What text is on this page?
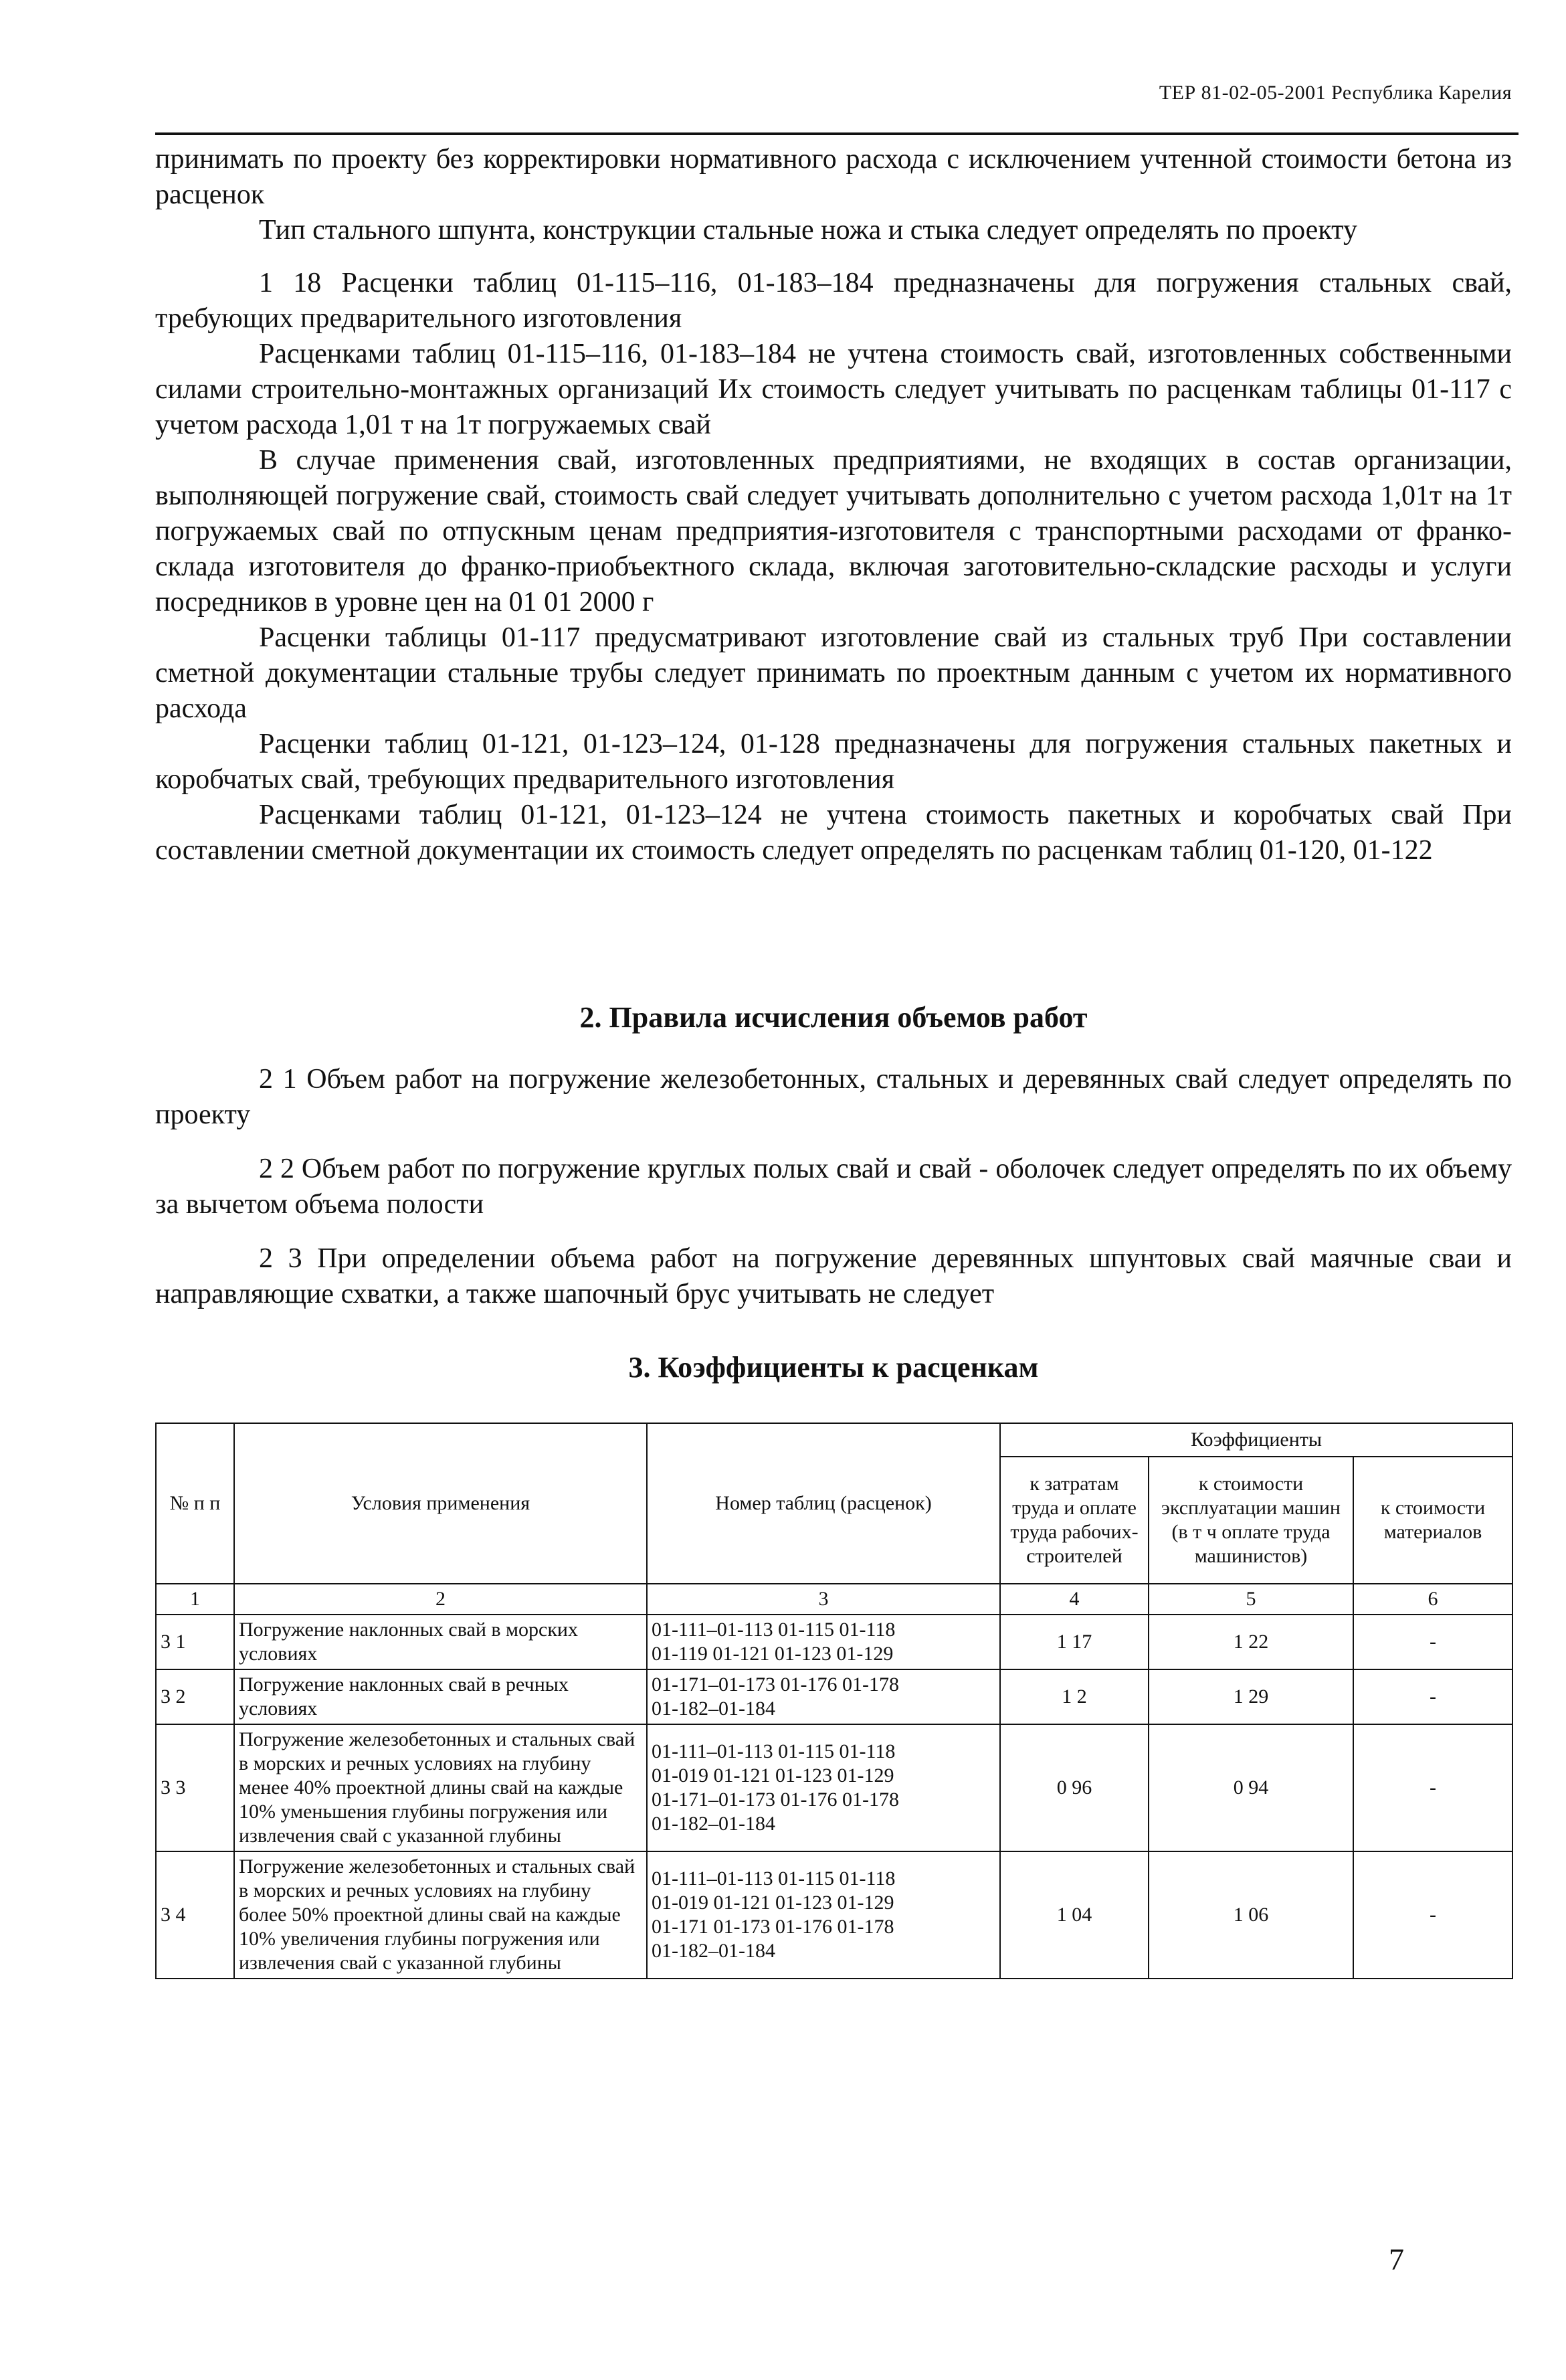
ТЕР 81-02-05-2001 Республика Карелия

принимать по проекту без корректировки нормативного расхода с исключением учтенной стоимости бетона из расценок

Тип стального шпунта, конструкции стальные ножа и стыка следует определять по проекту

1 18 Расценки таблиц 01-115–116, 01-183–184 предназначены для погружения стальных свай, требующих предварительного изготовления

Расценками таблиц 01-115–116, 01-183–184 не учтена стоимость свай, изготовленных собственными силами строительно-монтажных организаций Их стоимость следует учитывать по расценкам таблицы 01-117 с учетом расхода 1,01 т на 1т погружаемых свай

В случае применения свай, изготовленных предприятиями, не входящих в состав организации, выполняющей погружение свай, стоимость свай следует учитывать дополнительно с учетом расхода 1,01т на 1т погружаемых свай по отпускным ценам предприятия-изготовителя с транспортными расходами от франко-склада изготовителя до франко-приобъектного склада, включая заготовительно-складские расходы и услуги посредников в уровне цен на 01 01 2000 г

Расценки таблицы 01-117 предусматривают изготовление свай из стальных труб При составлении сметной документации стальные трубы следует принимать по проектным данным с учетом их нормативного расхода

Расценки таблиц 01-121, 01-123–124, 01-128 предназначены для погружения стальных пакетных и коробчатых свай, требующих предварительного изготовления

Расценками таблиц 01-121, 01-123–124 не учтена стоимость пакетных и коробчатых свай При составлении сметной документации их стоимость следует определять по расценкам таблиц 01-120, 01-122

2. Правила исчисления объемов работ

2 1 Объем работ на погружение железобетонных, стальных и деревянных свай следует определять по проекту

2 2 Объем работ по погружение круглых полых свай и свай - оболочек следует определять по их объему за вычетом объема полости

2 3 При определении объема работ на погружение деревянных шпунтовых свай маячные сваи и направляющие схватки, а также шапочный брус учитывать не следует

3. Коэффициенты к расценкам
№ п п	Условия применения	Номер таблиц (расценок)	Коэффициенты		
			к затратам труда и оплате труда рабочих-строителей	к стоимости эксплуатации машин (в т ч оплате труда машинистов)	к стоимости материалов
1	2	3	4	5	6
3 1	Погружение наклонных свай в морских условиях	01-111–01-113 01-115 01-118
01-119 01-121 01-123 01-129	1 17	1 22	-
3 2	Погружение наклонных свай в речных условиях	01-171–01-173 01-176 01-178
01-182–01-184	1 2	1 29	-
3 3	Погружение железобетонных и стальных свай в морских и речных условиях на глубину менее 40% проектной длины свай на каждые 10% уменьшения глубины погружения или извлечения свай с указанной глубины	01-111–01-113 01-115 01-118
01-019 01-121 01-123 01-129
01-171–01-173 01-176 01-178
01-182–01-184	0 96	0 94	-
3 4	Погружение железобетонных и стальных свай в морских и речных условиях на глубину более 50% проектной длины свай на каждые 10% увеличения глубины погружения или извлечения свай с указанной глубины	01-111–01-113 01-115 01-118
01-019 01-121 01-123 01-129
01-171 01-173 01-176 01-178
01-182–01-184	1 04	1 06	-
7
